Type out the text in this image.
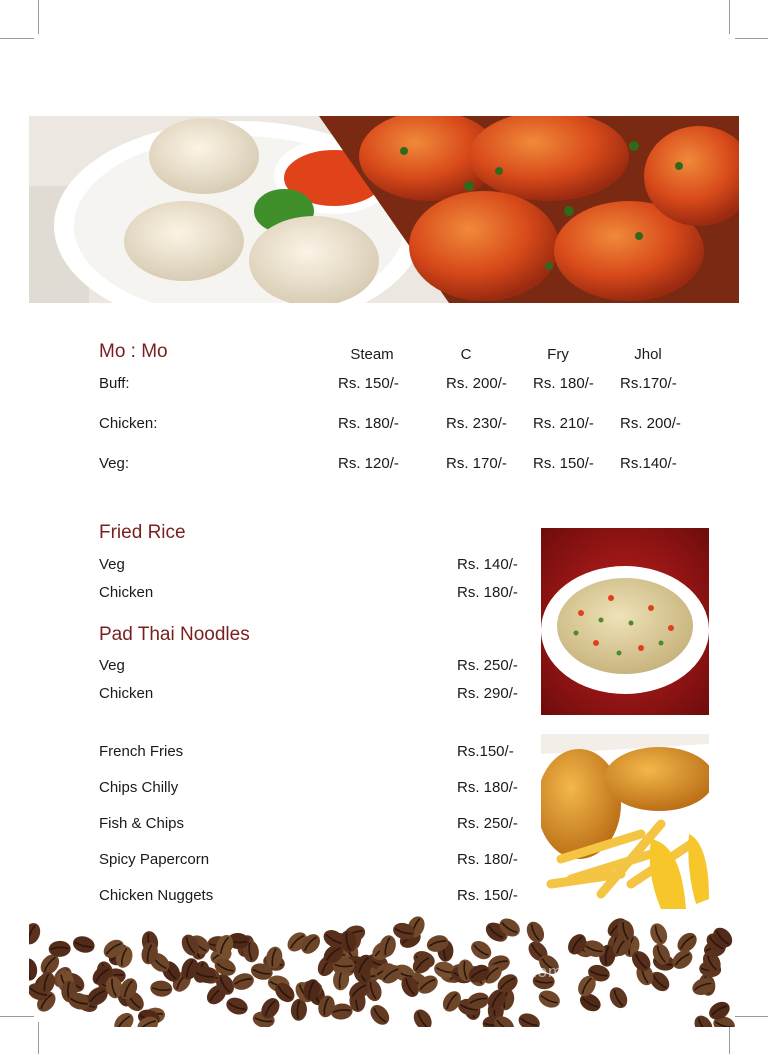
Mo : Mo	Steam	C	Fry	Jhol
Buff:	Rs. 150/-	Rs. 200/- Rs. 180/- Rs.170/-
Chicken:	Rs. 180/-	Rs. 230/- Rs. 210/- Rs. 200/-
Veg:	Rs. 120/-	Rs. 170/- Rs. 150/- Rs.140/-
Fried Rice
Veg	Rs. 140/-
Chicken	Rs. 180/-
Pad Thai Noodles
Veg	Rs. 250/-
Chicken	Rs. 290/-
French Fries	Rs.150/-
Chips Chilly	Rs. 180/-
Fish & Chips	Rs. 250/-
Spicy Papercorn	Rs. 180/-
Chicken Nuggets	Rs. 150/-
zomato
